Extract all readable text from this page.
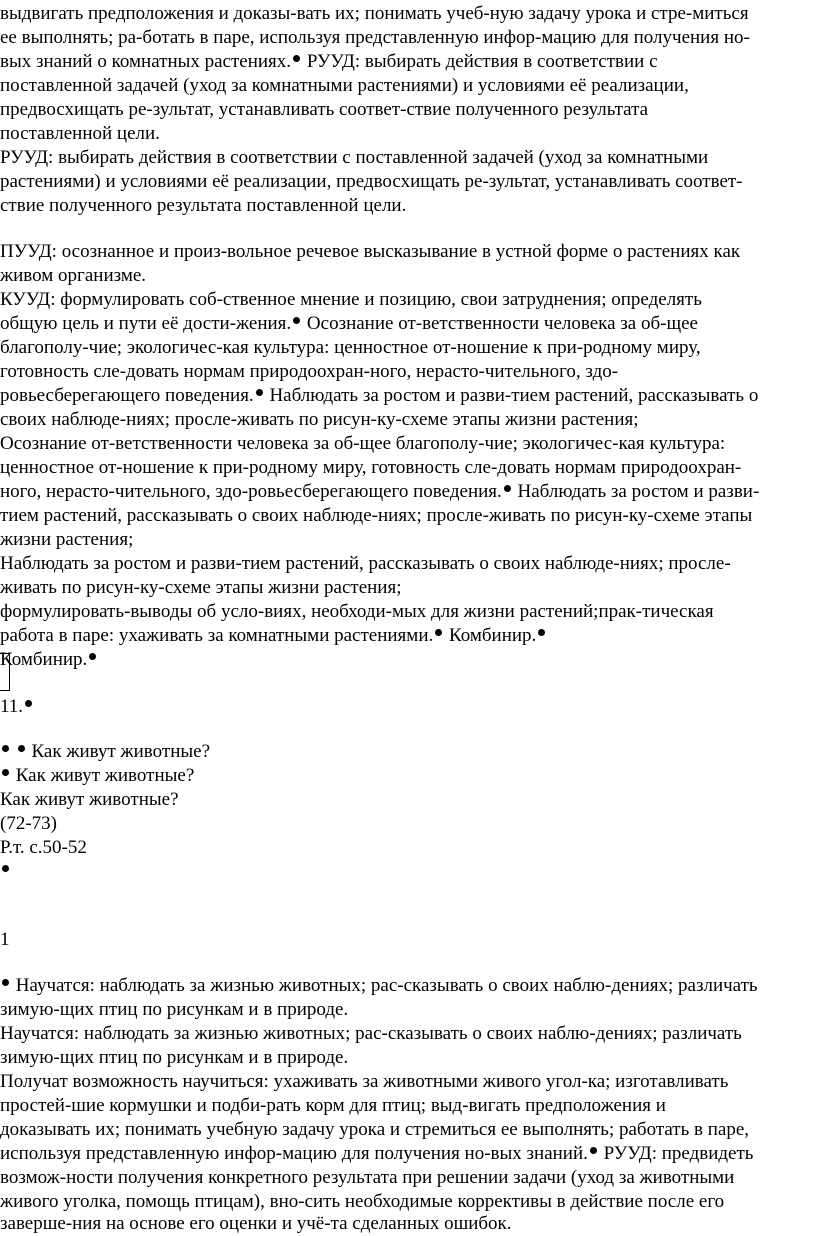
выдвигать предположения и доказы-вать их; понимать учеб-ную задачу урока и стре-миться
ее выполнять; ра-ботать в паре, используя представленную инфор-мацию для получения но-
вых знаний о комнатных растениях. РУУД: выбирать действия в соответствии с
поставленной задачей (уход за комнатными растениями) и условиями её реализации,
предвосхищать ре-зультат, устанавливать соответ-ствие полученного результата
поставленной цели.
РУУД: выбирать действия в соответствии с поставленной задачей (уход за комнатными
растениями) и условиями её реализации, предвосхищать ре-зультат, устанавливать соответ-
ствие полученного результата поставленной цели.
ПУУД: осознанное и произ-вольное речевое высказывание в устной форме о растениях как
живом организме.
КУУД: формулировать соб-ственное мнение и позицию, свои затруднения; определять
общую цель и пути её дости-жения. Осознание от-ветственности человека за об-щее
благополу-чие; экологичес-кая культура: ценностное от-ношение к при-родному миру,
готовность сле-довать нормам природоохран-ного, нерасто-чительного, здо-
ровьесберегающего поведения. Наблюдать за ростом и разви-тием растений, рассказывать о
своих наблюде-ниях; просле-живать по рисун-ку-схеме этапы жизни растения;
Осознание от-ветственности человека за об-щее благополу-чие; экологичес-кая культура:
ценностное от-ношение к при-родному миру, готовность сле-довать нормам природоохран-
ного, нерасто-чительного, здо-ровьесберегающего поведения. Наблюдать за ростом и разви-
тием растений, рассказывать о своих наблюде-ниях; просле-живать по рисун-ку-схеме этапы
жизни растения;
Наблюдать за ростом и разви-тием растений, рассказывать о своих наблюде-ниях; просле-
живать по рисун-ку-схеме этапы жизни растения;
формулировать-выводы об усло-виях, необходи-мых для жизни растений;прак-тическая
работа в паре: ухаживать за комнатными растениями. Комбинир.
Комбинир.
11.
Как живут животные?
Как живут животные?
Как живут животные?
(72-73)
Р.т. с.50-52
1
Научатся: наблюдать за жизнью животных; рас-сказывать о своих наблю-дениях; различать
зимую-щих птиц по рисункам и в природе.
Научатся: наблюдать за жизнью животных; рас-сказывать о своих наблю-дениях; различать
зимую-щих птиц по рисункам и в природе.
Получат возможность научиться: ухаживать за животными живого угол-ка; изготавливать
простей-шие кормушки и подби-рать корм для птиц; выд-вигать предположения и
доказывать их; понимать учебную задачу урока и стремиться ее выполнять; работать в паре,
используя представленную инфор-мацию для получения но-вых знаний. РУУД: предвидеть
возмож-ности получения конкретного результата при решении задачи (уход за животными
живого уголка, помощь птицам), вно-сить необходимые коррективы в действие после его
заверше-ния на основе его оценки и учё-та сделанных ошибок.
